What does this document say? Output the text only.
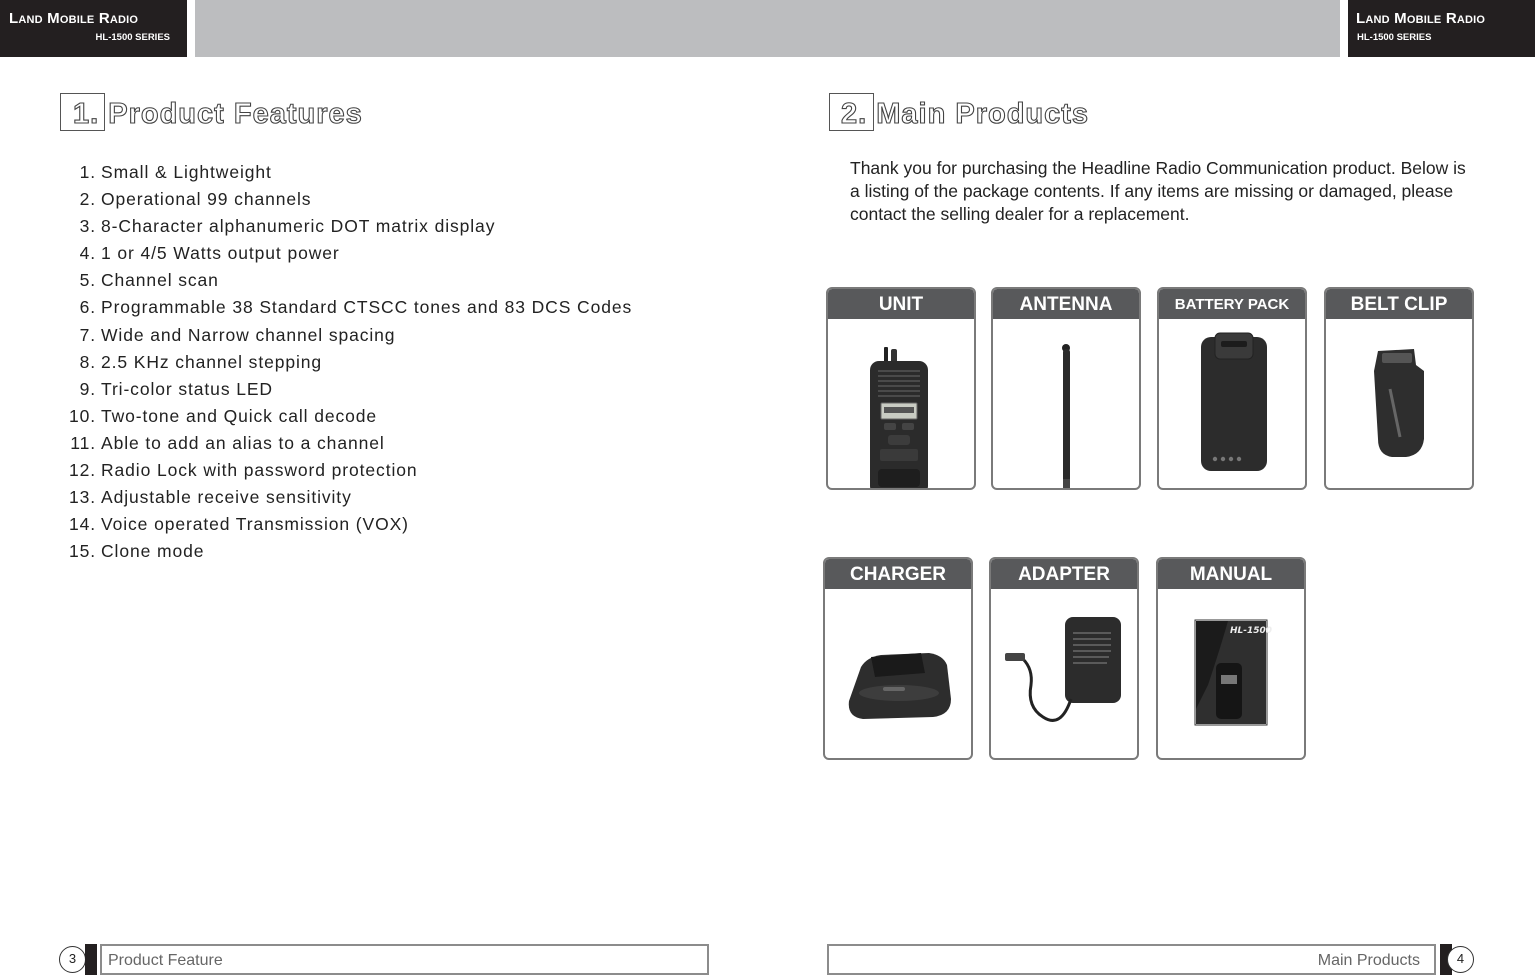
Land Mobile Radio
HL-1500 SERIES
Land Mobile Radio
HL-1500 SERIES
1. Product Features
1. Small & Lightweight
2. Operational 99 channels
3. 8-Character alphanumeric DOT matrix display
4. 1 or 4/5 Watts output power
5. Channel scan
6. Programmable 38 Standard CTSCC tones and 83 DCS Codes
7. Wide and Narrow channel spacing
8. 2.5 KHz channel stepping
9. Tri-color status LED
10. Two-tone and Quick call decode
11. Able to add an alias to a channel
12. Radio Lock with password protection
13. Adjustable receive sensitivity
14. Voice operated Transmission (VOX)
15. Clone mode
2. Main Products

Thank you for purchasing the Headline Radio Communication product. Below is a listing of the package contents. If any items are missing or damaged, please contact the selling dealer for a replacement.

UNIT	ANTENNA	BATTERY PACK	BELT CLIP
CHARGER	ADAPTER	MANUAL
HL-1500
3	Product Feature	Main Products	4
